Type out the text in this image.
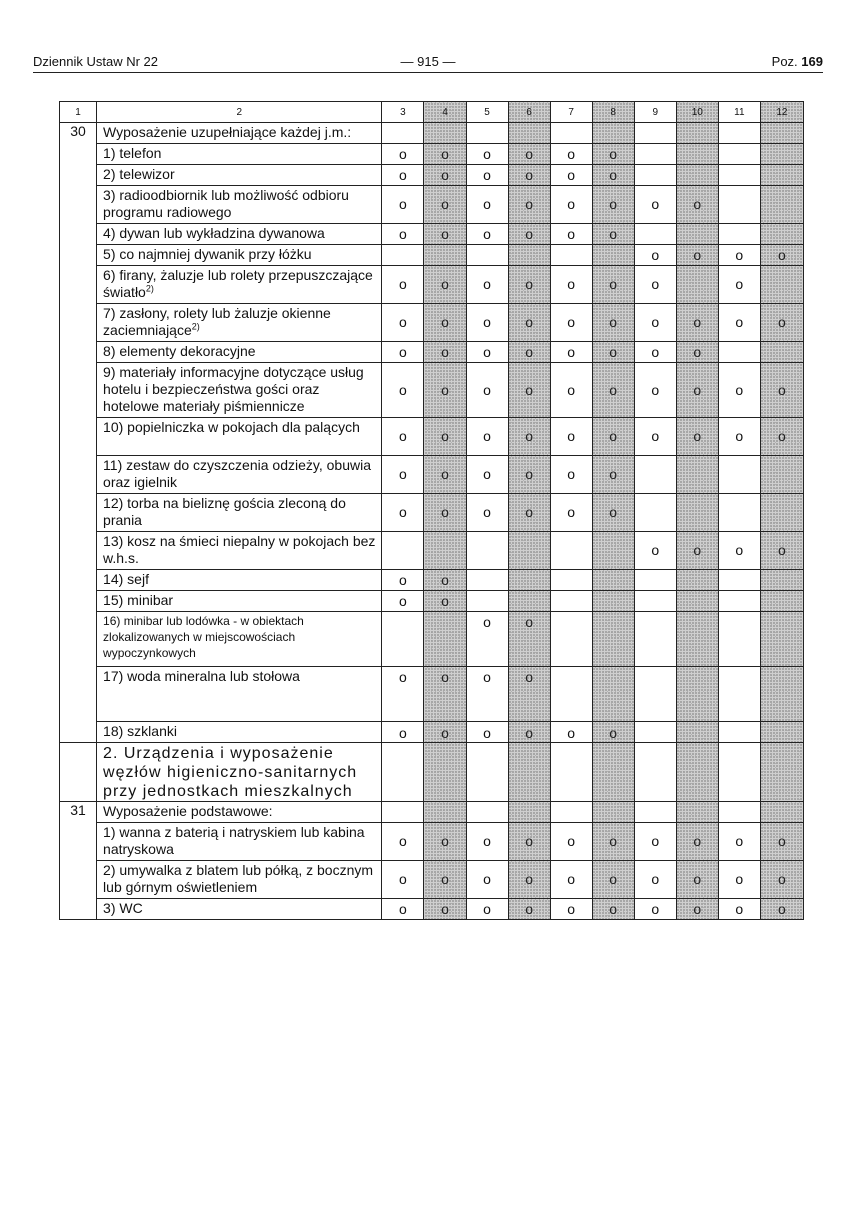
Dziennik Ustaw Nr 22	— 915 —	Poz. 169
1	2	3	4	5	6	7	8	9	10	11	12
30	Wyposażenie uzupełniające każdej j.m.:										
	1) telefon	o	o	o	o	o	o				
	2) telewizor	o	o	o	o	o	o				
	3) radioodbiornik lub możliwość odbioru programu radiowego	o	o	o	o	o	o	o	o		
	4) dywan lub wykładzina dywanowa	o	o	o	o	o	o				
	5) co najmniej dywanik przy łóżku							o	o	o	o
	6) firany, żaluzje lub rolety przepuszczające światło$^{2)}$	o	o	o	o	o	o	o		o	
	7) zasłony, rolety lub żaluzje okienne zaciemniające$^{2)}$	o	o	o	o	o	o	o	o	o	o
	8) elementy dekoracyjne	o	o	o	o	o	o	o	o		
	9) materiały informacyjne dotyczące usług hotelu i bezpieczeństwa gości oraz hotelowe materiały piśmiennicze	o	o	o	o	o	o	o	o	o	o
	10) popielniczka w pokojach dla palących	o	o	o	o	o	o	o	o	o	o
	11) zestaw do czyszczenia odzieży, obuwia oraz igielnik	o	o	o	o	o	o				
	12) torba na bieliznę gościa zleconą do prania	o	o	o	o	o	o				
	13) kosz na śmieci niepalny w pokojach bez w.h.s.							o	o	o	o
	14) sejf	o	o								
	15) minibar	o	o								
	16) minibar lub lodówka - w obiektach zlokalizowanych w miejscowościach wypoczynkowych			o	o						
	17) woda mineralna lub stołowa	o	o	o	o						
	18) szklanki	o	o	o	o	o	o				
	2. Urządzenia i wyposażenie węzłów higieniczno-sanitarnych przy jednostkach mieszkalnych										
31	Wyposażenie podstawowe:										
	1) wanna z baterią i natryskiem lub kabina natryskowa	o	o	o	o	o	o	o	o	o	o
	2) umywalka z blatem lub półką, z bocznym lub górnym oświetleniem	o	o	o	o	o	o	o	o	o	o
	3) WC	o	o	o	o	o	o	o	o	o	o
